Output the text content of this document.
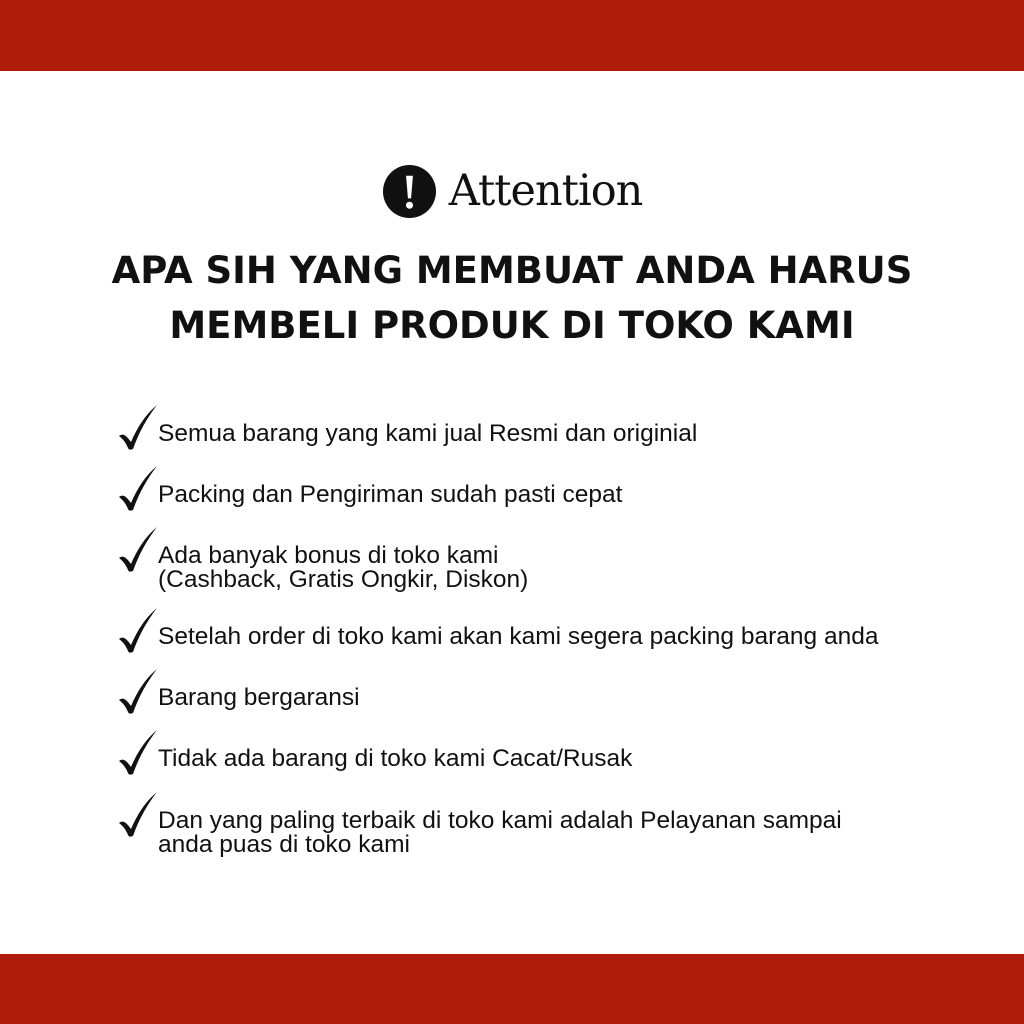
Attention
APA SIH YANG MEMBUAT ANDA HARUS
MEMBELI PRODUK DI TOKO KAMI
Semua barang yang kami jual Resmi dan originial
Packing dan Pengiriman sudah pasti cepat
Ada banyak bonus di toko kami
(Cashback, Gratis Ongkir, Diskon)
Setelah order di toko kami akan kami segera packing barang anda
Barang bergaransi
Tidak ada barang di toko kami Cacat/Rusak
Dan yang paling terbaik di toko kami adalah Pelayanan sampai
anda puas di toko kami
